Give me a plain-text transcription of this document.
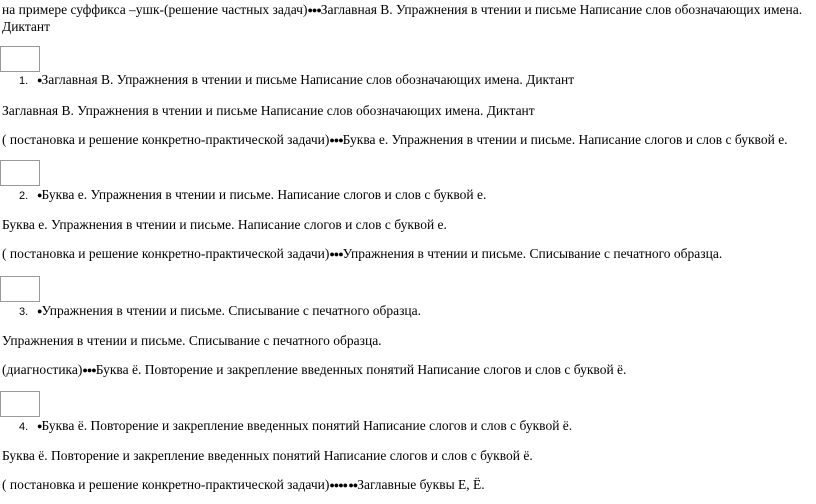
на примере суффикса –ушк-(решение частных задач)●●●Заглавная В. Упражнения в чтении и письме Написание слов обозначающих имена.
Диктант
1. ●Заглавная В. Упражнения в чтении и письме Написание слов обозначающих имена. Диктант
Заглавная В. Упражнения в чтении и письме Написание слов обозначающих имена. Диктант
( постановка и решение конкретно-практической задачи)●●●Буква е. Упражнения в чтении и письме. Написание слогов и слов с буквой е.
2. ●Буква е. Упражнения в чтении и письме. Написание слогов и слов с буквой е.
Буква е. Упражнения в чтении и письме. Написание слогов и слов с буквой е.
( постановка и решение конкретно-практической задачи)●●●Упражнения в чтении и письме. Списывание с печатного образца.
3. ●Упражнения в чтении и письме. Списывание с печатного образца.
Упражнения в чтении и письме. Списывание с печатного образца.
(диагностика)●●●Буква ё. Повторение и закрепление введенных понятий Написание слогов и слов с буквой ё.
4. ●Буква ё. Повторение и закрепление введенных понятий Написание слогов и слов с буквой ё.
Буква ё. Повторение и закрепление введенных понятий Написание слогов и слов с буквой ё.
( постановка и решение конкретно-практической задачи)●●●● ●●Заглавные буквы Е, Ё.
